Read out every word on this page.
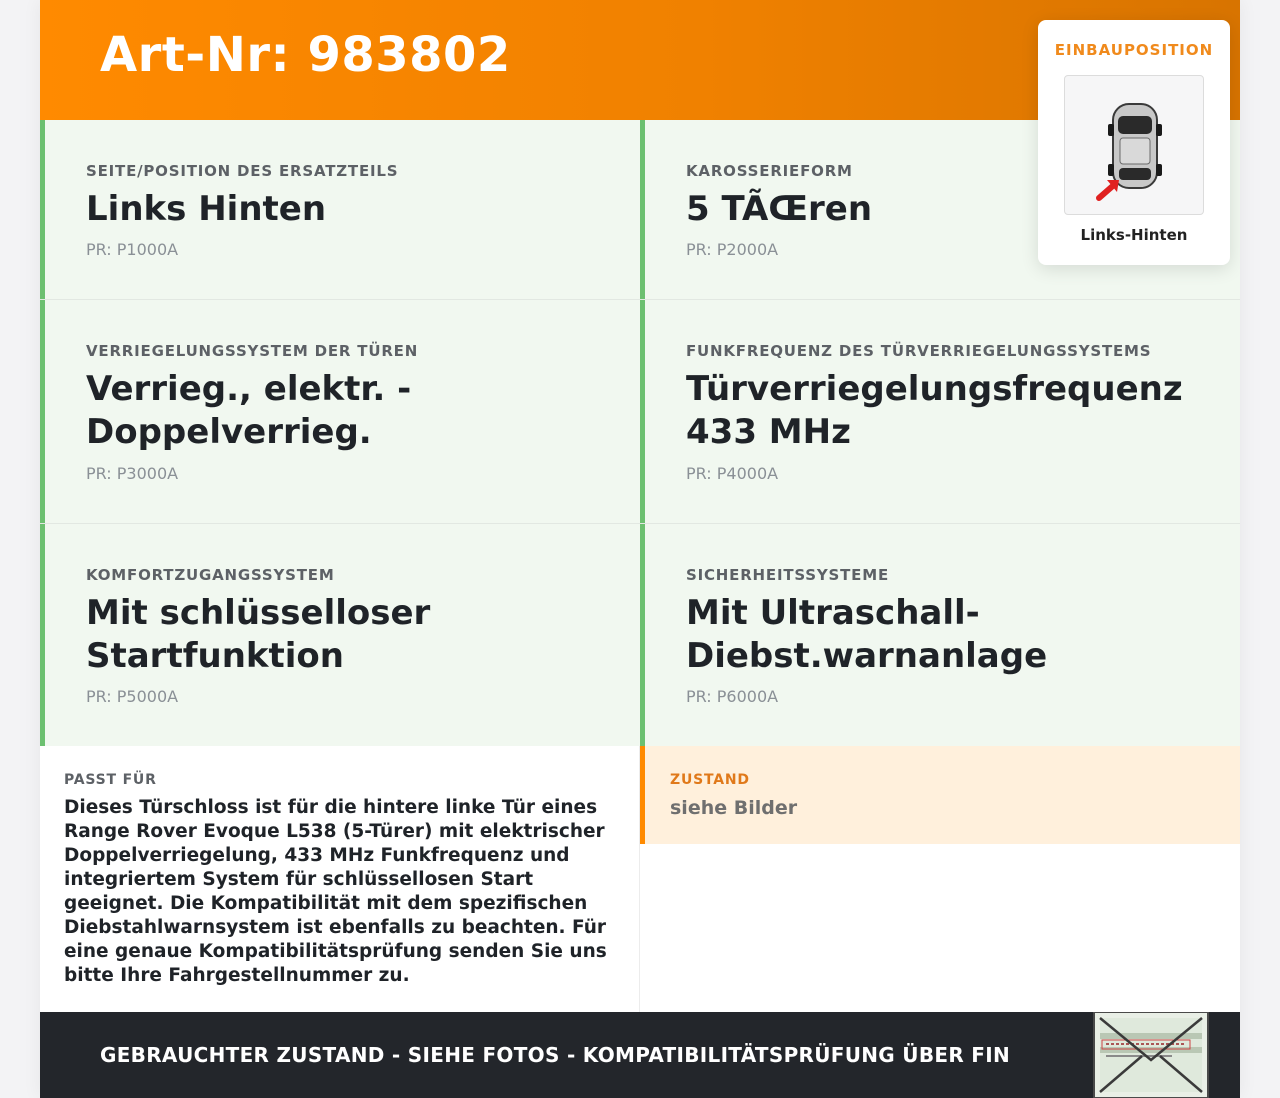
Art-Nr: 983802
SEITE/POSITION DES ERSATZTEILS
Links Hinten
PR: P1000A
KAROSSERIEFORM
5 TÃŒren
PR: P2000A
VERRIEGELUNGSSYSTEM DER TÜREN
Verrieg., elektr. - Doppelverrieg.
PR: P3000A
FUNKFREQUENZ DES TÜRVERRIEGELUNGSSYSTEMS
Türverriegelungsfrequenz 433 MHz
PR: P4000A
KOMFORTZUGANGSSYSTEM
Mit schlüsselloser Startfunktion
PR: P5000A
SICHERHEITSSYSTEME
Mit Ultraschall-Diebst.warnanlage
PR: P6000A
PASST FÜR
Dieses Türschloss ist für die hintere linke Tür eines Range Rover Evoque L538 (5-Türer) mit elektrischer Doppelverriegelung, 433 MHz Funkfrequenz und integriertem System für schlüssellosen Start geeignet. Die Kompatibilität mit dem spezifischen Diebstahlwarnsystem ist ebenfalls zu beachten. Für eine genaue Kompatibilitätsprüfung senden Sie uns bitte Ihre Fahrgestellnummer zu.
ZUSTAND
siehe Bilder
GEBRAUCHTER ZUSTAND - SIEHE FOTOS - KOMPATIBILITÄTSPRÜFUNG ÜBER FIN
EINBAUPOSITION
Links-Hinten
